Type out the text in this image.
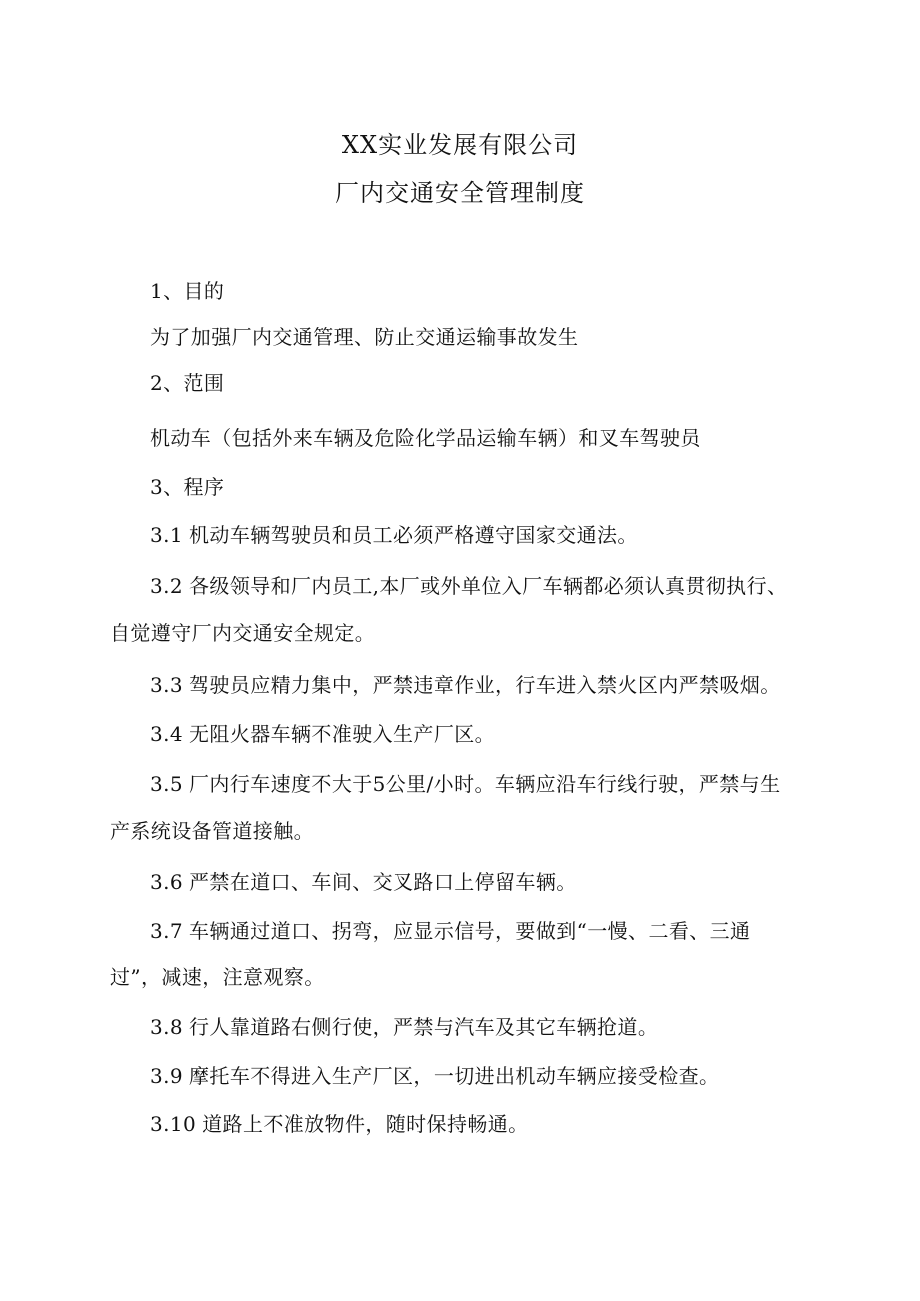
XX实业发展有限公司
厂内交通安全管理制度
1、目的
为了加强厂内交通管理、防止交通运输事故发生
2、范围
机动车（包括外来车辆及危险化学品运输车辆）和叉车驾驶员
3、程序
3.1 机动车辆驾驶员和员工必须严格遵守国家交通法。
3.2 各级领导和厂内员工,本厂或外单位入厂车辆都必须认真贯彻执行、
自觉遵守厂内交通安全规定。
3.3 驾驶员应精力集中，严禁违章作业，行车进入禁火区内严禁吸烟。
3.4 无阻火器车辆不准驶入生产厂区。
3.5 厂内行车速度不大于5公里/小时。车辆应沿车行线行驶，严禁与生
产系统设备管道接触。
3.6 严禁在道口、车间、交叉路口上停留车辆。
3.7 车辆通过道口、拐弯，应显示信号，要做到“一慢、二看、三通
过”，减速，注意观察。
3.8 行人靠道路右侧行使，严禁与汽车及其它车辆抢道。
3.9 摩托车不得进入生产厂区，一切进出机动车辆应接受检查。
3.10 道路上不准放物件，随时保持畅通。
